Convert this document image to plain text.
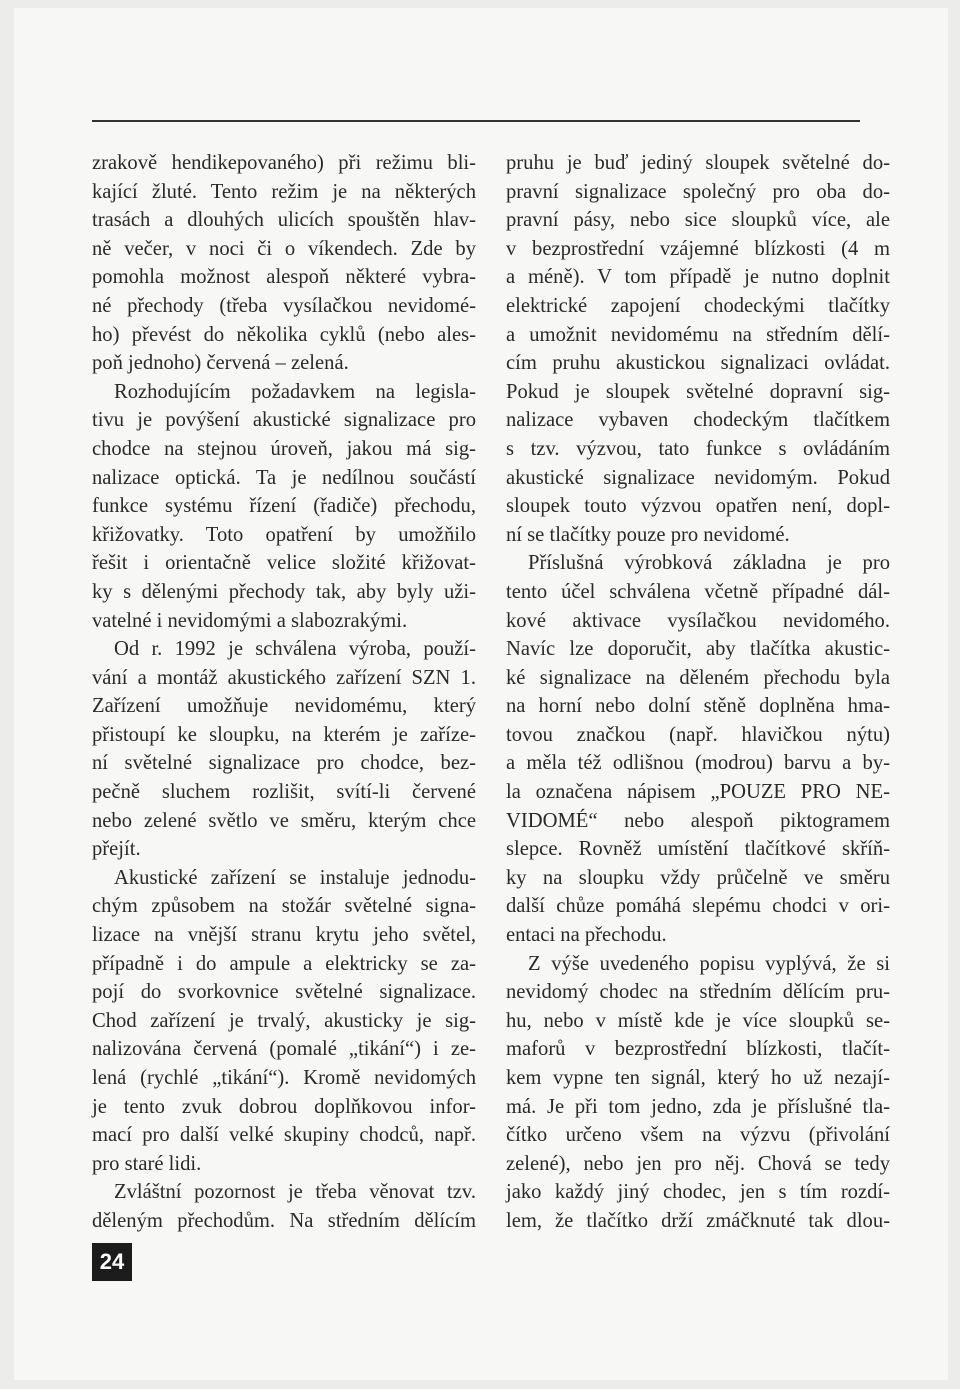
zrakově hendikepovaného) při režimu bli-
kající žluté. Tento režim je na některých
trasách a dlouhých ulicích spouštěn hlav-
ně večer, v noci či o víkendech. Zde by
pomohla možnost alespoň některé vybra-
né přechody (třeba vysílačkou nevidomé-
ho) převést do několika cyklů (nebo ales-
poň jednoho) červená – zelená.
Rozhodujícím požadavkem na legisla-
tivu je povýšení akustické signalizace pro
chodce na stejnou úroveň, jakou má sig-
nalizace optická. Ta je nedílnou součástí
funkce systému řízení (řadiče) přechodu,
křižovatky. Toto opatření by umožňilo
řešit i orientačně velice složité křižovat-
ky s dělenými přechody tak, aby byly uži-
vatelné i nevidomými a slabozrakými.
Od r. 1992 je schválena výroba, použí-
vání a montáž akustického zařízení SZN 1.
Zařízení umožňuje nevidomému, který
přistoupí ke sloupku, na kterém je zaříze-
ní světelné signalizace pro chodce, bez-
pečně sluchem rozlišit, svítí-li červené
nebo zelené světlo ve směru, kterým chce
přejít.
Akustické zařízení se instaluje jednodu-
chým způsobem na stožár světelné signa-
lizace na vnější stranu krytu jeho světel,
případně i do ampule a elektricky se za-
pojí do svorkovnice světelné signalizace.
Chod zařízení je trvalý, akusticky je sig-
nalizována červená (pomalé „tikání“) i ze-
lená (rychlé „tikání“). Kromě nevidomých
je tento zvuk dobrou doplňkovou infor-
mací pro další velké skupiny chodců, např.
pro staré lidi.
Zvláštní pozornost je třeba věnovat tzv.
děleným přechodům. Na středním dělícím
pruhu je buď jediný sloupek světelné do-
pravní signalizace společný pro oba do-
pravní pásy, nebo sice sloupků více, ale
v bezprostřední vzájemné blízkosti (4 m
a méně). V tom případě je nutno doplnit
elektrické zapojení chodeckými tlačítky
a umožnit nevidomému na středním dělí-
cím pruhu akustickou signalizaci ovládat.
Pokud je sloupek světelné dopravní sig-
nalizace vybaven chodeckým tlačítkem
s tzv. výzvou, tato funkce s ovládáním
akustické signalizace nevidomým. Pokud
sloupek touto výzvou opatřen není, dopl-
ní se tlačítky pouze pro nevidomé.
Příslušná výrobková základna je pro
tento účel schválena včetně případné dál-
kové aktivace vysílačkou nevidomého.
Navíc lze doporučit, aby tlačítka akustic-
ké signalizace na děleném přechodu byla
na horní nebo dolní stěně doplněna hma-
tovou značkou (např. hlavičkou nýtu)
a měla též odlišnou (modrou) barvu a by-
la označena nápisem „POUZE PRO NE-
VIDOMÉ“ nebo alespoň piktogramem
slepce. Rovněž umístění tlačítkové skříň-
ky na sloupku vždy průčelně ve směru
další chůze pomáhá slepému chodci v ori-
entaci na přechodu.
Z výše uvedeného popisu vyplývá, že si
nevidomý chodec na středním dělícím pru-
hu, nebo v místě kde je více sloupků se-
maforů v bezprostřední blízkosti, tlačít-
kem vypne ten signál, který ho už nezají-
má. Je při tom jedno, zda je příslušné tla-
čítko určeno všem na výzvu (přivolání
zelené), nebo jen pro něj. Chová se tedy
jako každý jiný chodec, jen s tím rozdí-
lem, že tlačítko drží zmáčknuté tak dlou-
24
